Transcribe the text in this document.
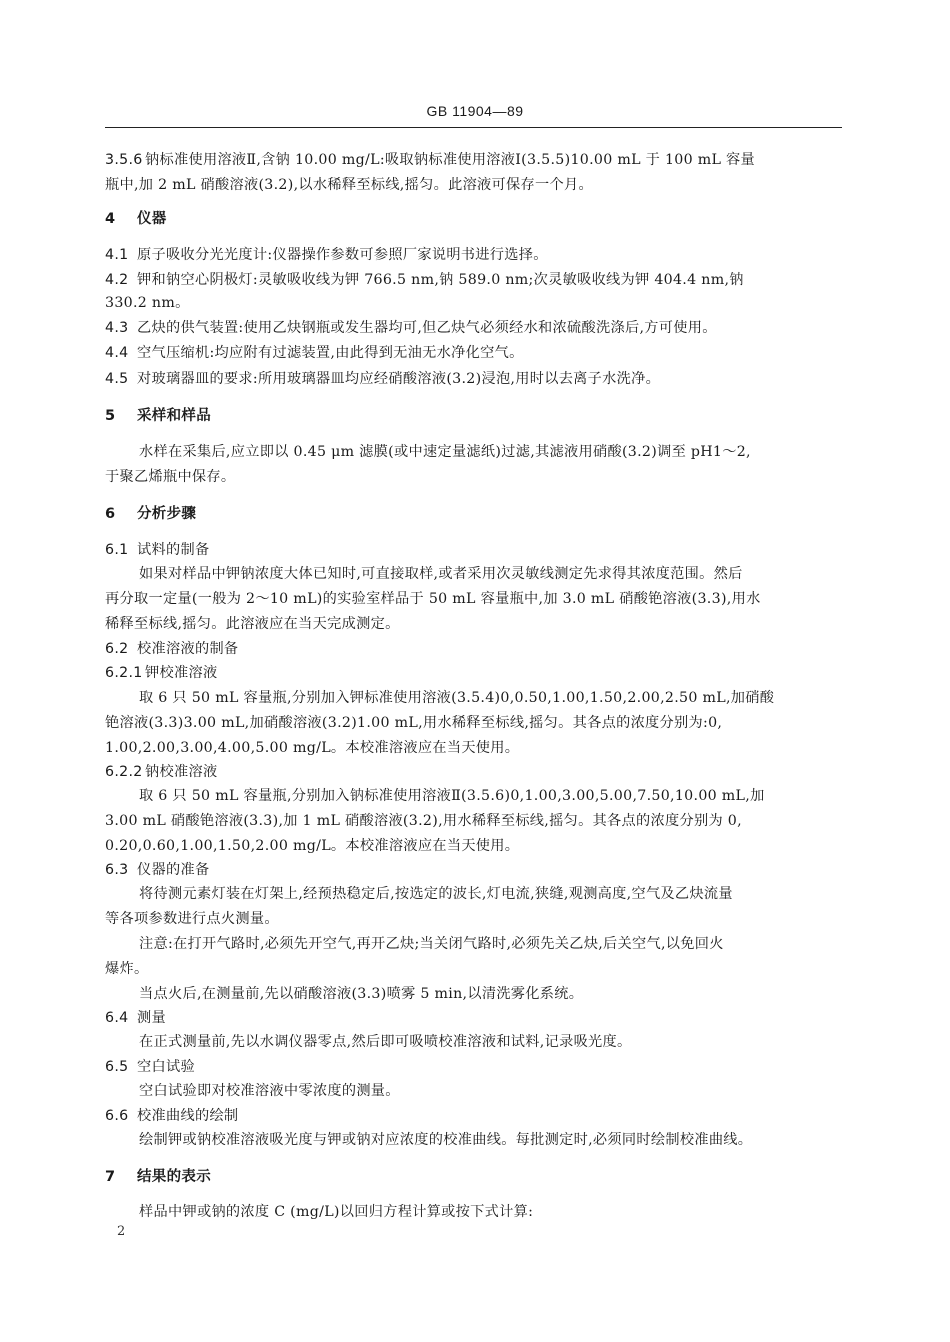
GB 11904—89
3.5.6 钠标准使用溶液Ⅱ,含钠 10.00 mg/L:吸取钠标准使用溶液Ⅰ(3.5.5)10.00 mL 于 100 mL 容量
瓶中,加 2 mL 硝酸溶液(3.2),以水稀释至标线,摇匀。此溶液可保存一个月。
4 仪器
4.1 原子吸收分光光度计:仪器操作参数可参照厂家说明书进行选择。
4.2 钾和钠空心阴极灯:灵敏吸收线为钾 766.5 nm,钠 589.0 nm;次灵敏吸收线为钾 404.4 nm,钠
330.2 nm。
4.3 乙炔的供气装置:使用乙炔钢瓶或发生器均可,但乙炔气必须经水和浓硫酸洗涤后,方可使用。
4.4 空气压缩机:均应附有过滤装置,由此得到无油无水净化空气。
4.5 对玻璃器皿的要求:所用玻璃器皿均应经硝酸溶液(3.2)浸泡,用时以去离子水洗净。
5 采样和样品
水样在采集后,应立即以 0.45 μm 滤膜(或中速定量滤纸)过滤,其滤液用硝酸(3.2)调至 pH1～2,
于聚乙烯瓶中保存。
6 分析步骤
6.1 试料的制备
如果对样品中钾钠浓度大体已知时,可直接取样,或者采用次灵敏线测定先求得其浓度范围。然后
再分取一定量(一般为 2～10 mL)的实验室样品于 50 mL 容量瓶中,加 3.0 mL 硝酸铯溶液(3.3),用水
稀释至标线,摇匀。此溶液应在当天完成测定。
6.2 校准溶液的制备
6.2.1 钾校准溶液
取 6 只 50 mL 容量瓶,分别加入钾标准使用溶液(3.5.4)0,0.50,1.00,1.50,2.00,2.50 mL,加硝酸
铯溶液(3.3)3.00 mL,加硝酸溶液(3.2)1.00 mL,用水稀释至标线,摇匀。其各点的浓度分别为:0,
1.00,2.00,3.00,4.00,5.00 mg/L。本校准溶液应在当天使用。
6.2.2 钠校准溶液
取 6 只 50 mL 容量瓶,分别加入钠标准使用溶液Ⅱ(3.5.6)0,1.00,3.00,5.00,7.50,10.00 mL,加
3.00 mL 硝酸铯溶液(3.3),加 1 mL 硝酸溶液(3.2),用水稀释至标线,摇匀。其各点的浓度分别为 0,
0.20,0.60,1.00,1.50,2.00 mg/L。本校准溶液应在当天使用。
6.3 仪器的准备
将待测元素灯装在灯架上,经预热稳定后,按选定的波长,灯电流,狭缝,观测高度,空气及乙炔流量
等各项参数进行点火测量。
注意:在打开气路时,必须先开空气,再开乙炔;当关闭气路时,必须先关乙炔,后关空气,以免回火
爆炸。
当点火后,在测量前,先以硝酸溶液(3.3)喷雾 5 min,以清洗雾化系统。
6.4 测量
在正式测量前,先以水调仪器零点,然后即可吸喷校准溶液和试料,记录吸光度。
6.5 空白试验
空白试验即对校准溶液中零浓度的测量。
6.6 校准曲线的绘制
绘制钾或钠校准溶液吸光度与钾或钠对应浓度的校准曲线。每批测定时,必须同时绘制校准曲线。
7 结果的表示
样品中钾或钠的浓度 C (mg/L)以回归方程计算或按下式计算:
2
